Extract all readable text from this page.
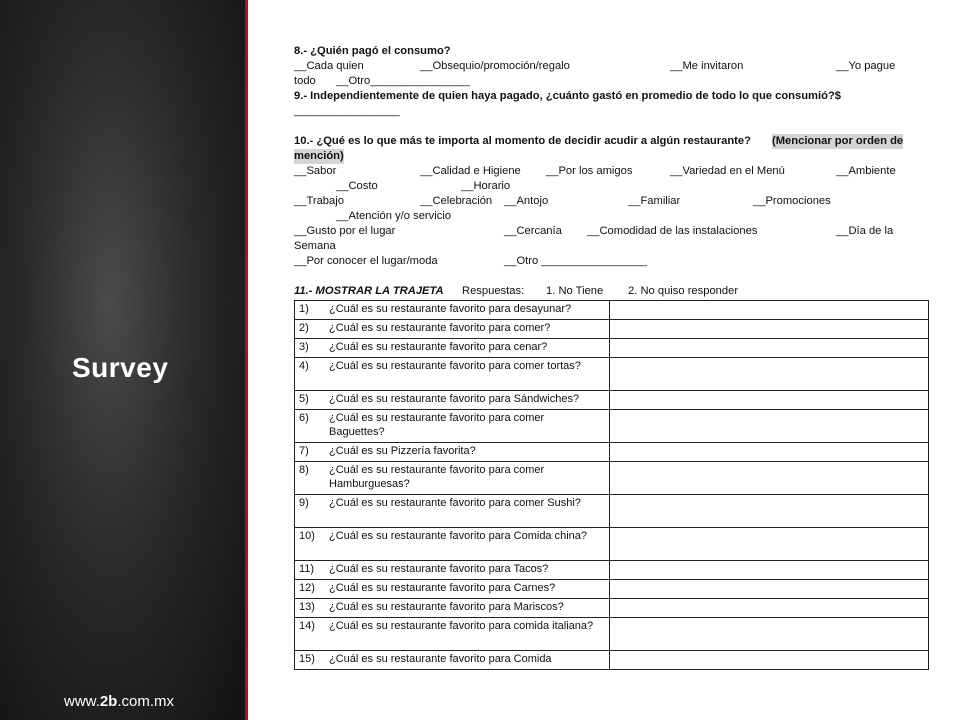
Survey
www.2b.com.mx
8.- ¿Quién pagó el consumo?
__Cada quien	__Obsequio/promoción/regalo	__Me invitaron	__Yo pague
todo __Otro________________
9.- Independientemente de quien haya pagado, ¿cuánto gastó en promedio de todo lo que consumió?$
_________________
10.- ¿Qué es lo que más te importa al momento de decidir acudir a algún restaurante? (Mencionar por orden de
mención)
__Sabor	__Calidad e Higiene __Por los amigos	__Variedad en el Menú	__Ambiente
__Costo	__Horario
__Trabajo	__Celebración __Antojo	__Familiar	__Promociones
__Atención y/o servicio
__Gusto por el lugar	__Cercanía __Comodidad de las instalaciones	__Día de la
Semana
__Por conocer el lugar/moda	__Otro _________________
11.- MOSTRAR LA TRAJETA Respuestas: 1. No Tiene 2. No quiso responder
1) ¿Cuál es su restaurante favorito para desayunar?	
2) ¿Cuál es su restaurante favorito para comer?	
3) ¿Cuál es su restaurante favorito para cenar?	
4) ¿Cuál es su restaurante favorito para comer tortas?	
5) ¿Cuál es su restaurante favorito para Sándwiches?	
6) ¿Cuál es su restaurante favorito para comer Baguettes?	
7) ¿Cuál es su Pizzería favorita?	
8) ¿Cuál es su restaurante favorito para comer Hamburguesas?	
9) ¿Cuál es su restaurante favorito para comer Sushi?	
10) ¿Cuál es su restaurante favorito para Comida china?	
11) ¿Cuál es su restaurante favorito para Tacos?	
12) ¿Cuál es su restaurante favorito para Carnes?	
13) ¿Cuál es su restaurante favorito para Mariscos?	
14) ¿Cuál es su restaurante favorito para comida italiana?	
15) ¿Cuál es su restaurante favorito para Comida	
